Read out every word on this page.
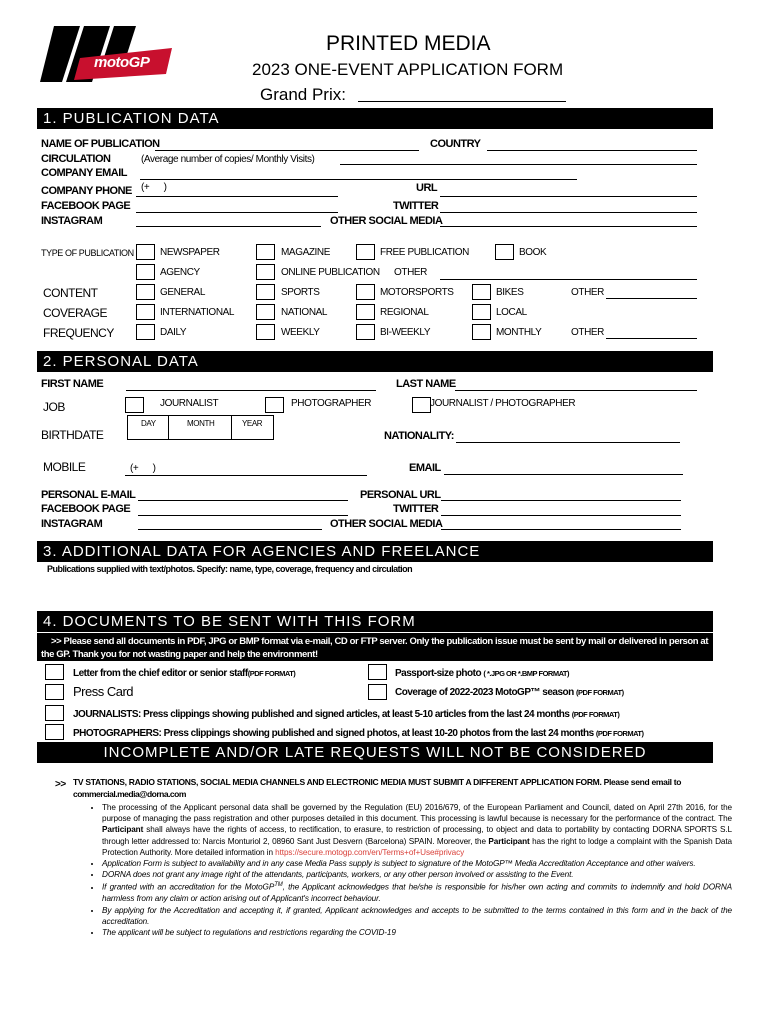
motoGP
PRINTED MEDIA
2023 ONE-EVENT APPLICATION FORM
Grand Prix:
1. PUBLICATION DATA
NAME OF PUBLICATION	COUNTRY
CIRCULATION	(Average number of copies/ Monthly Visits)
COMPANY EMAIL
COMPANY PHONE (+      )	URL
FACEBOOK PAGE	TWITTER
INSTAGRAM	OTHER SOCIAL MEDIA
TYPE OF PUBLICATION	NEWSPAPER	MAGAZINE	FREE PUBLICATION	BOOK
AGENCY	ONLINE PUBLICATION OTHER
CONTENT	GENERAL	SPORTS	MOTORSPORTS	BIKES	OTHER
COVERAGE	INTERNATIONAL	NATIONAL	REGIONAL	LOCAL
FREQUENCY	DAILY	WEEKLY	BI-WEEKLY	MONTHLY	OTHER
2. PERSONAL DATA
FIRST NAME	LAST NAME
JOB	JOURNALIST	PHOTOGRAPHER	JOURNALIST / PHOTOGRAPHER
DAY	MONTH	YEAR
BIRTHDATE	NATIONALITY:
MOBILE	(+      )	EMAIL
PERSONAL E-MAIL	PERSONAL URL
FACEBOOK PAGE	TWITTER
INSTAGRAM	OTHER SOCIAL MEDIA
3. ADDITIONAL DATA FOR AGENCIES AND FREELANCE
Publications supplied with text/photos. Specify: name, type, coverage, frequency and circulation
4. DOCUMENTS TO BE SENT WITH THIS FORM
>> Please send all documents in PDF, JPG or BMP format via e-mail, CD or FTP server. Only the publication issue must be sent by mail or delivered in person at
the GP. Thank you for not wasting paper and help the environment!
Letter from the chief editor or senior staff(PDF FORMAT)	Passport-size photo ( *.JPG OR *.BMP FORMAT)
Press Card	Coverage of 2022-2023 MotoGP™ season (PDF FORMAT)
JOURNALISTS: Press clippings showing published and signed articles, at least 5-10 articles from the last 24 months (PDF FORMAT)
PHOTOGRAPHERS: Press clippings showing published and signed photos, at least 10-20 photos from the last 24 months (PDF FORMAT)
INCOMPLETE AND/OR LATE REQUESTS WILL NOT BE CONSIDERED
>> TV STATIONS, RADIO STATIONS, SOCIAL MEDIA CHANNELS AND ELECTRONIC MEDIA MUST SUBMIT A DIFFERENT APPLICATION FORM. Please send email to
commercial.media@dorna.com
• The processing of the Applicant personal data shall be governed by the Regulation (EU) 2016/679, of the European Parliament and Council, dated on April 27th 2016, for the purpose of managing the pass registration and other purposes detailed in this document. This processing is lawful because is necessary for the performance of the contract. The Participant shall always have the rights of access, to rectification, to erasure, to restriction of processing, to object and data to portability by contacting DORNA SPORTS S.L through letter addressed to: Narcis Monturiol 2, 08960 Sant Just Desvern (Barcelona) SPAIN. Moreover, the Participant has the right to lodge a complaint with the Spanish Data Protection Authority. More detailed information in https://secure.motogp.com/en/Terms+of+Use#privacy
• Application Form is subject to availability and in any case Media Pass supply is subject to signature of the MotoGP™ Media Accreditation Acceptance and other waivers.
• DORNA does not grant any image right of the attendants, participants, workers, or any other person involved or assisting to the Event.
• If granted with an accreditation for the MotoGP™, the Applicant acknowledges that he/she is responsible for his/her own acting and commits to indemnify and hold DORNA harmless from any claim or action arising out of Applicant's incorrect behaviour.
• By applying for the Accreditation and accepting it, if granted, Applicant acknowledges and accepts to be submitted to the terms contained in this form and in the back of the accreditation.
• The applicant will be subject to regulations and restrictions regarding the COVID-19
